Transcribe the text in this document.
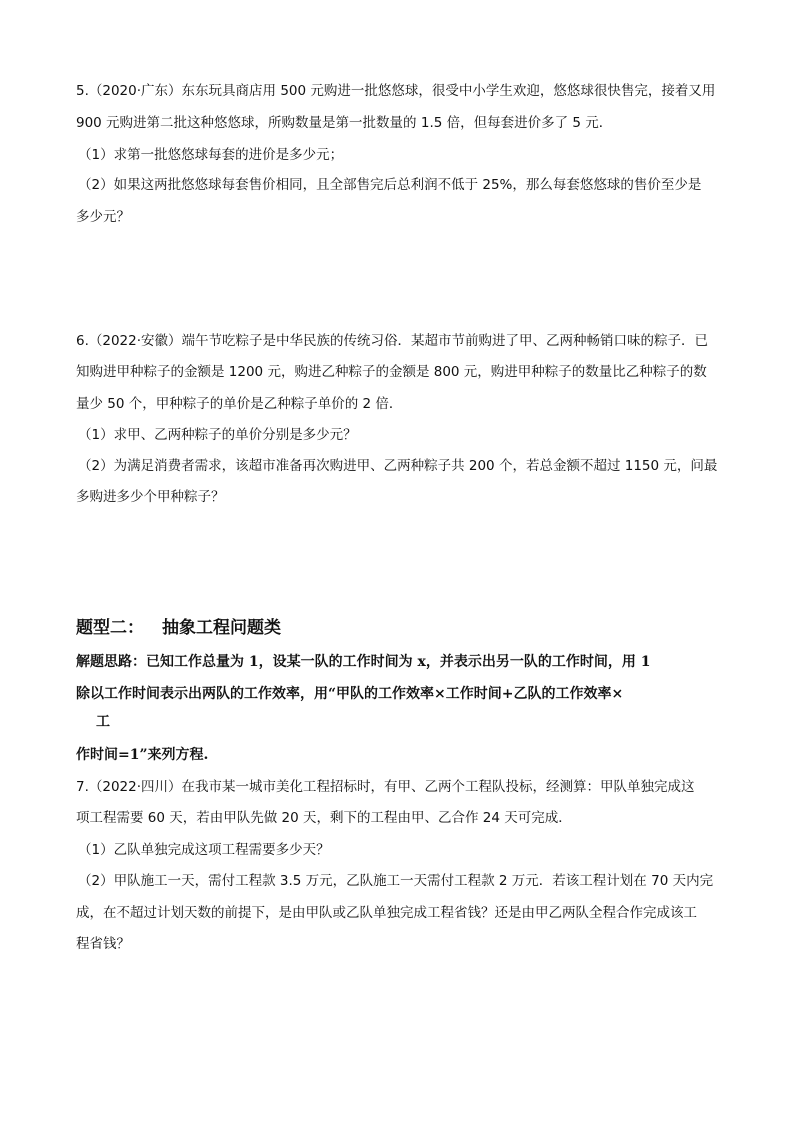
5.（2020·广东）东东玩具商店用 500 元购进一批悠悠球，很受中小学生欢迎，悠悠球很快售完，接着又用
900 元购进第二批这种悠悠球，所购数量是第一批数量的 1.5 倍，但每套进价多了 5 元．
（1）求第一批悠悠球每套的进价是多少元；
（2）如果这两批悠悠球每套售价相同，且全部售完后总利润不低于 25%，那么每套悠悠球的售价至少是
多少元？
6.（2022·安徽）端午节吃粽子是中华民族的传统习俗．某超市节前购进了甲、乙两种畅销口味的粽子．已
知购进甲种粽子的金额是 1200 元，购进乙种粽子的金额是 800 元，购进甲种粽子的数量比乙种粽子的数
量少 50 个，甲种粽子的单价是乙种粽子单价的 2 倍．
（1）求甲、乙两种粽子的单价分别是多少元？
（2）为满足消费者需求，该超市准备再次购进甲、乙两种粽子共 200 个，若总金额不超过 1150 元，问最
多购进多少个甲种粽子？
题型二： 抽象工程问题类
解题思路：已知工作总量为 1，设某一队的工作时间为 x，并表示出另一队的工作时间，用 1
除以工作时间表示出两队的工作效率，用“甲队的工作效率×工作时间+乙队的工作效率×
工
作时间=1”来列方程.
7.（2022·四川）在我市某一城市美化工程招标时，有甲、乙两个工程队投标，经测算：甲队单独完成这
项工程需要 60 天，若由甲队先做 20 天，剩下的工程由甲、乙合作 24 天可完成．
（1）乙队单独完成这项工程需要多少天？
（2）甲队施工一天，需付工程款 3.5 万元，乙队施工一天需付工程款 2 万元．若该工程计划在 70 天内完
成，在不超过计划天数的前提下，是由甲队或乙队单独完成工程省钱？还是由甲乙两队全程合作完成该工
程省钱？
